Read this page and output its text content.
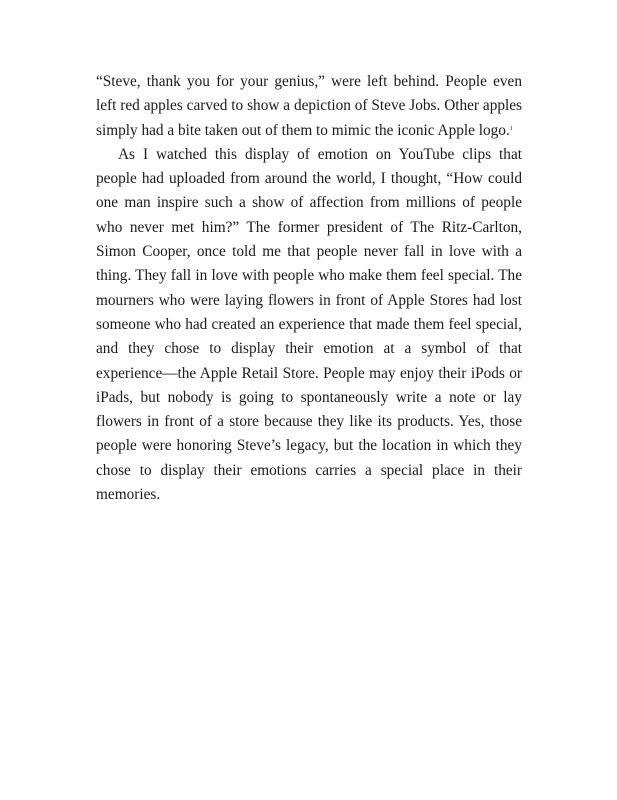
“Steve, thank you for your genius,” were left behind. People even left red apples carved to show a depiction of Steve Jobs. Other apples simply had a bite taken out of them to mimic the iconic Apple logo.$^1$

As I watched this display of emotion on YouTube clips that people had uploaded from around the world, I thought, “How could one man inspire such a show of affection from millions of people who never met him?” The former president of The Ritz-Carlton, Simon Cooper, once told me that people never fall in love with a thing. They fall in love with people who make them feel special. The mourners who were laying flowers in front of Apple Stores had lost someone who had created an experience that made them feel special, and they chose to display their emotion at a symbol of that experience—the Apple Retail Store. People may enjoy their iPods or iPads, but nobody is going to spontaneously write a note or lay flowers in front of a store because they like its products. Yes, those people were honoring Steve’s legacy, but the location in which they chose to display their emotions carries a special place in their memories.
